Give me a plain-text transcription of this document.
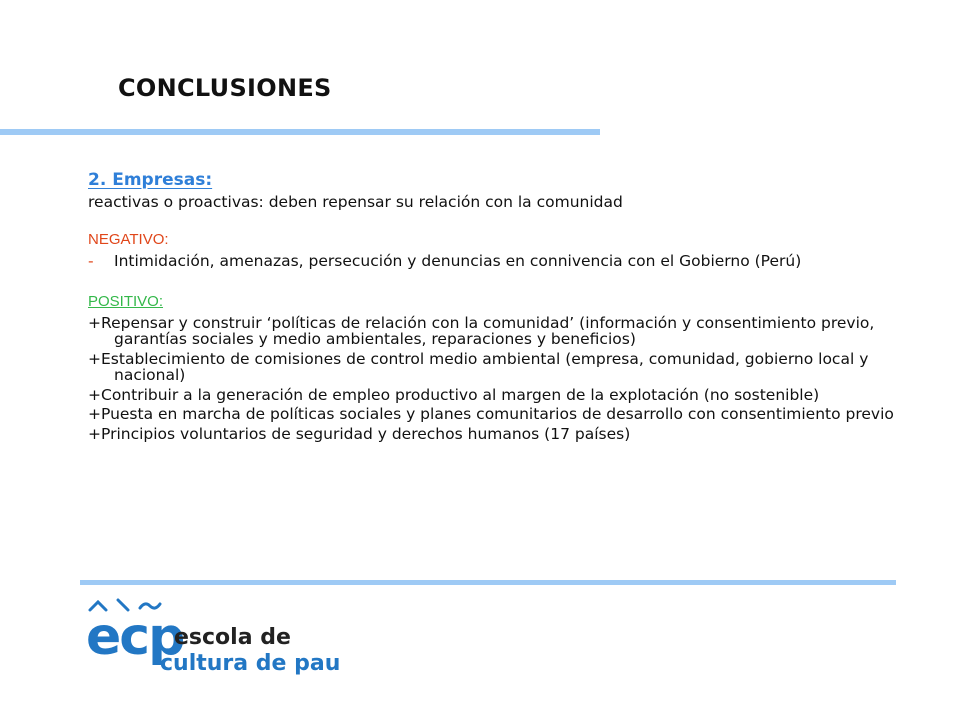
CONCLUSIONES

2. Empresas:

reactivas o proactivas: deben repensar su relación con la comunidad

NEGATIVO:
- Intimidación, amenazas, persecución y denuncias en connivencia con el Gobierno (Perú)
POSITIVO:
+Repensar y construir ‘políticas de relación con la comunidad’ (información y consentimiento previo, garantías sociales y medio ambientales, reparaciones y beneficios)
+Establecimiento de comisiones de control medio ambiental (empresa, comunidad, gobierno local y nacional)
+Contribuir a la generación de empleo productivo al margen de la explotación (no sostenible)
+Puesta en marcha de políticas sociales y planes comunitarios de desarrollo con consentimiento previo
+Principios voluntarios de seguridad y derechos humanos (17 países)
ecp
escola de
cultura de pau
